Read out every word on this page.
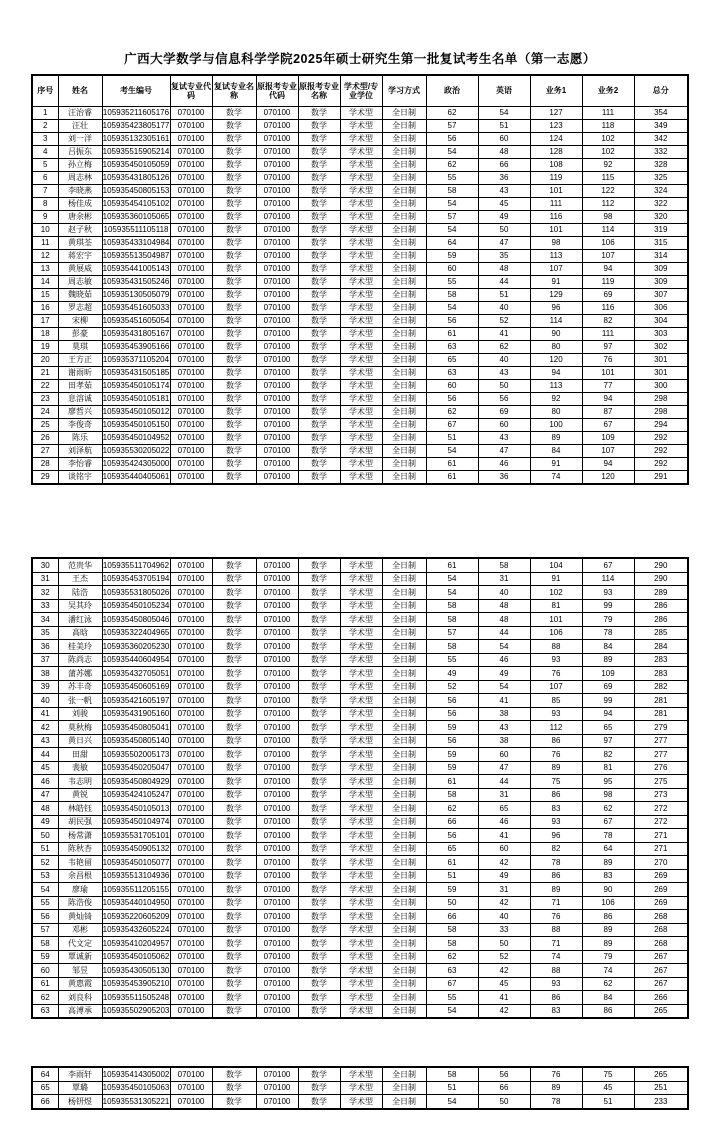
广西大学数学与信息科学学院2025年硕士研究生第一批复试考生名单（第一志愿）
序号	姓名	考生编号	复试专业代码	复试专业名称	原报考专业代码	原报考专业名称	学术型/专业学位	学习方式	政治	英语	业务1	业务2	总分
1	汪治睿	105935211605176	070100	数学	070100	数学	学术型	全日制	62	54	127	111	354
2	汪壮	105935423805177	070100	数学	070100	数学	学术型	全日制	57	51	123	118	349
3	刘一洋	105935132305161	070100	数学	070100	数学	学术型	全日制	56	60	124	102	342
4	吕振东	105935515905214	070100	数学	070100	数学	学术型	全日制	54	48	128	102	332
5	孙立梅	105935450105059	070100	数学	070100	数学	学术型	全日制	62	66	108	92	328
6	周志林	105935431805126	070100	数学	070100	数学	学术型	全日制	55	36	119	115	325
7	李晓燕	105935450805153	070100	数学	070100	数学	学术型	全日制	58	43	101	122	324
8	杨佳成	105935454105102	070100	数学	070100	数学	学术型	全日制	54	45	111	112	322
9	唐余彬	105935360105065	070100	数学	070100	数学	学术型	全日制	57	49	116	98	320
10	赵子秋	105935511105118	070100	数学	070100	数学	学术型	全日制	54	50	101	114	319
11	黄琪荃	105935433104984	070100	数学	070100	数学	学术型	全日制	64	47	98	106	315
12	蒋宏宇	105935513504987	070100	数学	070100	数学	学术型	全日制	59	35	113	107	314
13	黄展威	105935441005143	070100	数学	070100	数学	学术型	全日制	60	48	107	94	309
14	周志敏	105935431505246	070100	数学	070100	数学	学术型	全日制	55	44	91	119	309
15	魏晓茹	105935130505079	070100	数学	070100	数学	学术型	全日制	58	51	129	69	307
16	罗志超	105935451605033	070100	数学	070100	数学	学术型	全日制	54	40	96	116	306
17	宋柳	105935451605054	070100	数学	070100	数学	学术型	全日制	56	52	114	82	304
18	彭豪	105935431805167	070100	数学	070100	数学	学术型	全日制	61	41	90	111	303
19	莫琪	105935453905166	070100	数学	070100	数学	学术型	全日制	63	62	80	97	302
20	王方正	105935371105204	070100	数学	070100	数学	学术型	全日制	65	40	120	76	301
21	谢雨昕	105935431505185	070100	数学	070100	数学	学术型	全日制	63	43	94	101	301
22	田孝茹	105935450105174	070100	数学	070100	数学	学术型	全日制	60	50	113	77	300
23	息溶诚	105935450105181	070100	数学	070100	数学	学术型	全日制	56	56	92	94	298
24	廖哲兴	105935450105012	070100	数学	070100	数学	学术型	全日制	62	69	80	87	298
25	李俊奇	105935450105150	070100	数学	070100	数学	学术型	全日制	67	60	100	67	294
26	陈乐	105935450104952	070100	数学	070100	数学	学术型	全日制	51	43	89	109	292
27	刘泽航	105935530205022	070100	数学	070100	数学	学术型	全日制	54	47	84	107	292
28	李怡睿	105935424305000	070100	数学	070100	数学	学术型	全日制	61	46	91	94	292
29	谈铭宇	105935440405061	070100	数学	070100	数学	学术型	全日制	61	36	74	120	291
30	范贵华	105935511704962	070100	数学	070100	数学	学术型	全日制	61	58	104	67	290
31	王杰	105935453705194	070100	数学	070100	数学	学术型	全日制	54	31	91	114	290
32	陆浩	105935531805026	070100	数学	070100	数学	学术型	全日制	54	40	102	93	289
33	吴其玲	105935450105234	070100	数学	070100	数学	学术型	全日制	58	48	81	99	286
34	潘红泳	105935450805046	070100	数学	070100	数学	学术型	全日制	58	48	101	79	286
35	高晗	105935322404965	070100	数学	070100	数学	学术型	全日制	57	44	106	78	285
36	桂美玲	105935360205230	070100	数学	070100	数学	学术型	全日制	58	54	88	84	284
37	陈尚志	105935440604954	070100	数学	070100	数学	学术型	全日制	55	46	93	89	283
38	蒲苏娜	105935432705051	070100	数学	070100	数学	学术型	全日制	49	49	76	109	283
39	苏丰奇	105935450605169	070100	数学	070100	数学	学术型	全日制	52	54	107	69	282
40	张一帆	105935421605197	070100	数学	070100	数学	学术型	全日制	56	41	85	99	281
41	刘骏	105935431905160	070100	数学	070100	数学	学术型	全日制	56	38	93	94	281
42	莫秋梅	105935450805041	070100	数学	070100	数学	学术型	全日制	59	43	112	65	279
43	黄日兴	105935450805140	070100	数学	070100	数学	学术型	全日制	56	38	86	97	277
44	田甜	105935502005173	070100	数学	070100	数学	学术型	全日制	59	60	76	82	277
45	裴敏	105935450205047	070100	数学	070100	数学	学术型	全日制	59	47	89	81	276
46	韦志明	105935450804929	070100	数学	070100	数学	学术型	全日制	61	44	75	95	275
47	黄锐	105935424105247	070100	数学	070100	数学	学术型	全日制	58	31	86	98	273
48	林皓钰	105935450105013	070100	数学	070100	数学	学术型	全日制	62	65	83	62	272
49	胡民强	105935450104974	070100	数学	070100	数学	学术型	全日制	66	46	93	67	272
50	杨常潇	105935531705101	070100	数学	070100	数学	学术型	全日制	56	41	96	78	271
51	陈秋杏	105935450905132	070100	数学	070100	数学	学术型	全日制	65	60	82	64	271
52	韦艳留	105935450105077	070100	数学	070100	数学	学术型	全日制	61	42	78	89	270
53	余昌根	105935513104936	070100	数学	070100	数学	学术型	全日制	51	49	86	83	269
54	廖瑜	105935511205155	070100	数学	070100	数学	学术型	全日制	59	31	89	90	269
55	陈浩俊	105935440104950	070100	数学	070100	数学	学术型	全日制	50	42	71	106	269
56	黄灿锜	105935220605209	070100	数学	070100	数学	学术型	全日制	66	40	76	86	268
57	邓彬	105935432605224	070100	数学	070100	数学	学术型	全日制	58	33	88	89	268
58	代文定	105935410204957	070100	数学	070100	数学	学术型	全日制	58	50	71	89	268
59	覃诚新	105935450105062	070100	数学	070100	数学	学术型	全日制	62	52	74	79	267
60	邹昱	105935430505130	070100	数学	070100	数学	学术型	全日制	63	42	88	74	267
61	黄惠霞	105935453905210	070100	数学	070100	数学	学术型	全日制	67	45	93	62	267
62	刘良科	105935511505248	070100	数学	070100	数学	学术型	全日制	55	41	86	84	266
63	高溥承	105935502905203	070100	数学	070100	数学	学术型	全日制	54	42	83	86	265
64	李雨轩	105935414305002	070100	数学	070100	数学	学术型	全日制	58	56	76	75	265
65	覃璐	105935450105063	070100	数学	070100	数学	学术型	全日制	51	66	89	45	251
66	杨钘煜	105935531305221	070100	数学	070100	数学	学术型	全日制	54	50	78	51	233
